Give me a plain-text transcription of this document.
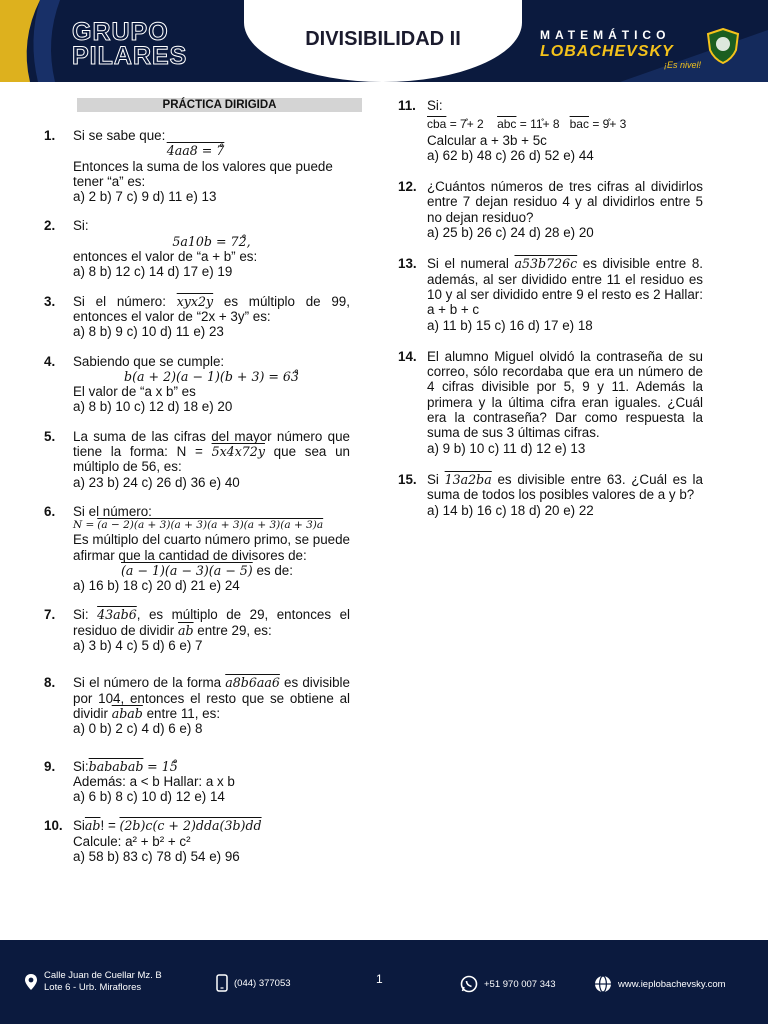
GRUPO
PILARES
DIVISIBILIDAD II	MATEMÁTICO
LOBACHEVSKY
¡Es nivel!
PRÁCTICA DIRIGIDA
1. Si se sabe que:

4aa8 = 7̊

Entonces la suma de los valores que puede tener “a” es:

a) 2 b) 7 c) 9 d) 11 e) 13

2. Si:

5a10b = 72̊,

entonces el valor de “a + b” es:

a) 8 b) 12 c) 14 d) 17 e) 19

3. Si el número: xyx2y es múltiplo de 99, entonces el valor de “2x + 3y” es:

a) 8 b) 9 c) 10 d) 11 e) 23

4. Sabiendo que se cumple:

b(a + 2)(a − 1)(b + 3) = 63̊

El valor de “a x b” es

a) 8 b) 10 c) 12 d) 18 e) 20

5. La suma de las cifras del mayor número que tiene la forma: N = 5x4x72y que sea un múltiplo de 56, es:

a) 23 b) 24 c) 26 d) 36 e) 40

6. Si el número:

N = (a − 2)(a + 3)(a + 3)(a + 3)(a + 3)(a + 3)a

Es múltiplo del cuarto número primo, se puede afirmar que la cantidad de divisores de:

(a − 1)(a − 3)(a − 5) es de:

a) 16 b) 18 c) 20 d) 21 e) 24

7. Si: 43ab6, es múltiplo de 29, entonces el residuo de dividir $\overline{ab}$ entre 29, es:

a) 3 b) 4 c) 5 d) 6 e) 7

8. Si el número de la forma a8b6aa6 es divisible por 104, entonces el resto que se obtiene al dividir abab entre 11, es:

a) 0 b) 2 c) 4 d) 6 e) 8

9. Si:bababab = 15̊

Además: a < b Hallar: a x b

a) 6 b) 8 c) 10 d) 12 e) 14

10. $Si\overline{ab}$! = (2b)c(c + 2)dda(3b)dd

Calcule: a² + b² + c²

a) 58 b) 83 c) 78 d) 54 e) 96

11. Si:

$\overline{cba}$ = 7̊+ 2 $\overline{abc}$ = 11̊+ 8 $\overline{bac}$ = 9̊+ 3

Calcular a + 3b + 5c

a) 62 b) 48 c) 26 d) 52 e) 44

12. ¿Cuántos números de tres cifras al dividirlos entre 7 dejan residuo 4 y al dividirlos entre 5 no dejan residuo?

a) 25 b) 26 c) 24 d) 28 e) 20

13. Si el numeral a53b726c es divisible entre 8. además, al ser dividido entre 11 el residuo es 10 y al ser dividido entre 9 el resto es 2 Hallar: a + b + c

a) 11 b) 15 c) 16 d) 17 e) 18

14. El alumno Miguel olvidó la contraseña de su correo, sólo recordaba que era un número de 4 cifras divisible por 5, 9 y 11. Además la primera y la última cifra eran iguales. ¿Cuál era la contraseña? Dar como respuesta la suma de sus 3 últimas cifras.

a) 9 b) 10 c) 11 d) 12 e) 13

15. Si 13a2ba es divisible entre 63. ¿Cuál es la suma de todos los posibles valores de a y b?

a) 14 b) 16 c) 18 d) 20 e) 22

Calle Juan de Cuellar Mz. B
Lote 6 - Urb. Miraflores	(044) 377053	1	+51 970 007 343	www.ieplobachevsky.com
